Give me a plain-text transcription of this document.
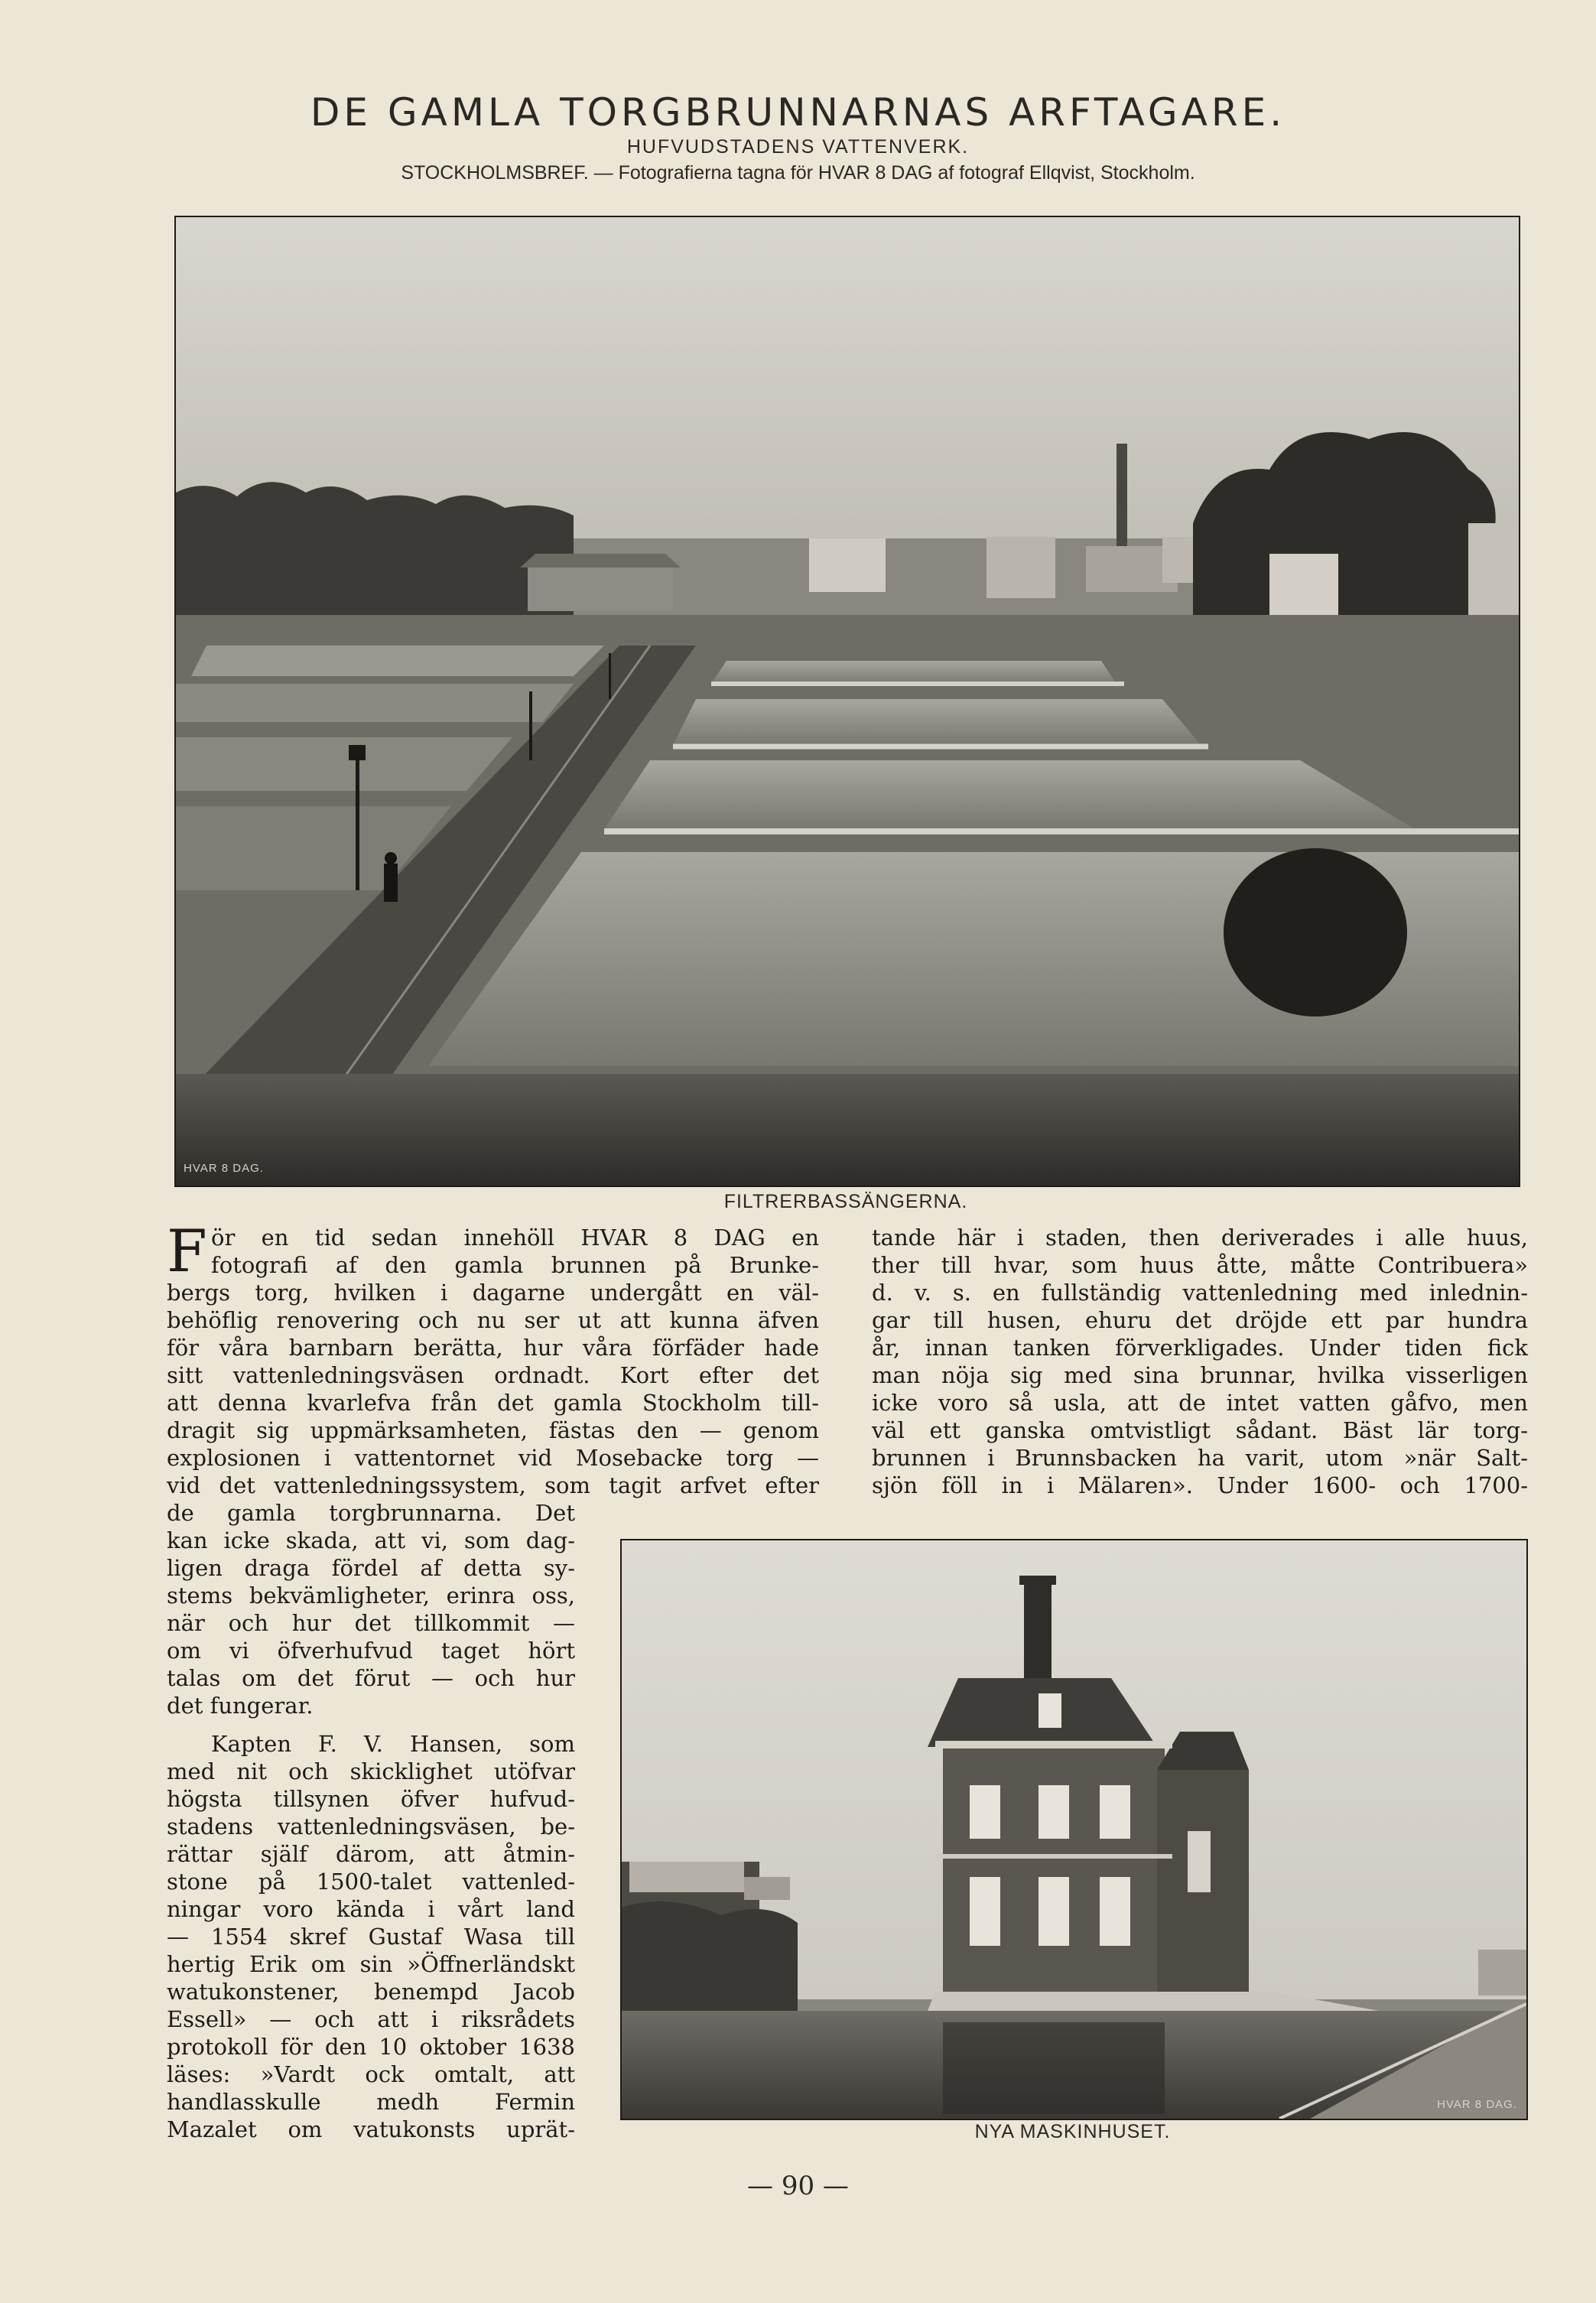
DE GAMLA TORGBRUNNARNAS ARFTAGARE.
HUFVUDSTADENS VATTENVERK.
STOCKHOLMSBREF. — Fotografierna tagna för HVAR 8 DAG af fotograf Ellqvist, Stockholm.
HVAR 8 DAG.
FILTRERBASSÄNGERNA.
F ör en tid sedan innehöll HVAR 8 DAG en
fotografi af den gamla brunnen på Brunke-
bergs torg, hvilken i dagarne undergått en väl-
behöflig renovering och nu ser ut att kunna äfven
för våra barnbarn berätta, hur våra förfäder hade
sitt vattenledningsväsen ordnadt. Kort efter det
att denna kvarlefva från det gamla Stockholm till-
dragit sig uppmärksamheten, fästas den — genom
explosionen i vattentornet vid Mosebacke torg —
vid det vattenledningssystem, som tagit arfvet efter
tande här i staden, then deriverades i alle huus,
ther till hvar, som huus åtte, måtte Contribuera»
d. v. s. en fullständig vattenledning med inlednin-
gar till husen, ehuru det dröjde ett par hundra
år, innan tanken förverkligades. Under tiden fick
man nöja sig med sina brunnar, hvilka visserligen
icke voro så usla, att de intet vatten gåfvo, men
väl ett ganska omtvistligt sådant. Bäst lär torg-
brunnen i Brunnsbacken ha varit, utom »när Salt-
sjön föll in i Mälaren». Under 1600- och 1700-
de gamla torgbrunnarna. Det
kan icke skada, att vi, som dag-
ligen draga fördel af detta sy-
stems bekvämligheter, erinra oss,
när och hur det tillkommit —
om vi öfverhufvud taget hört
talas om det förut — och hur
det fungerar.
Kapten F. V. Hansen, som
med nit och skicklighet utöfvar
högsta tillsynen öfver hufvud-
stadens vattenledningsväsen, be-
rättar själf därom, att åtmin-
stone på 1500-talet vattenled-
ningar voro kända i vårt land
— 1554 skref Gustaf Wasa till
hertig Erik om sin »Öffnerländskt
watukonstener, benempd Jacob
Essell» — och att i riksrådets
protokoll för den 10 oktober 1638
läses: »Vardt ock omtalt, att
handlasskulle medh Fermin
Mazalet om vatukonsts uprät-
HVAR 8 DAG.
NYA MASKINHUSET.
— 90 —
